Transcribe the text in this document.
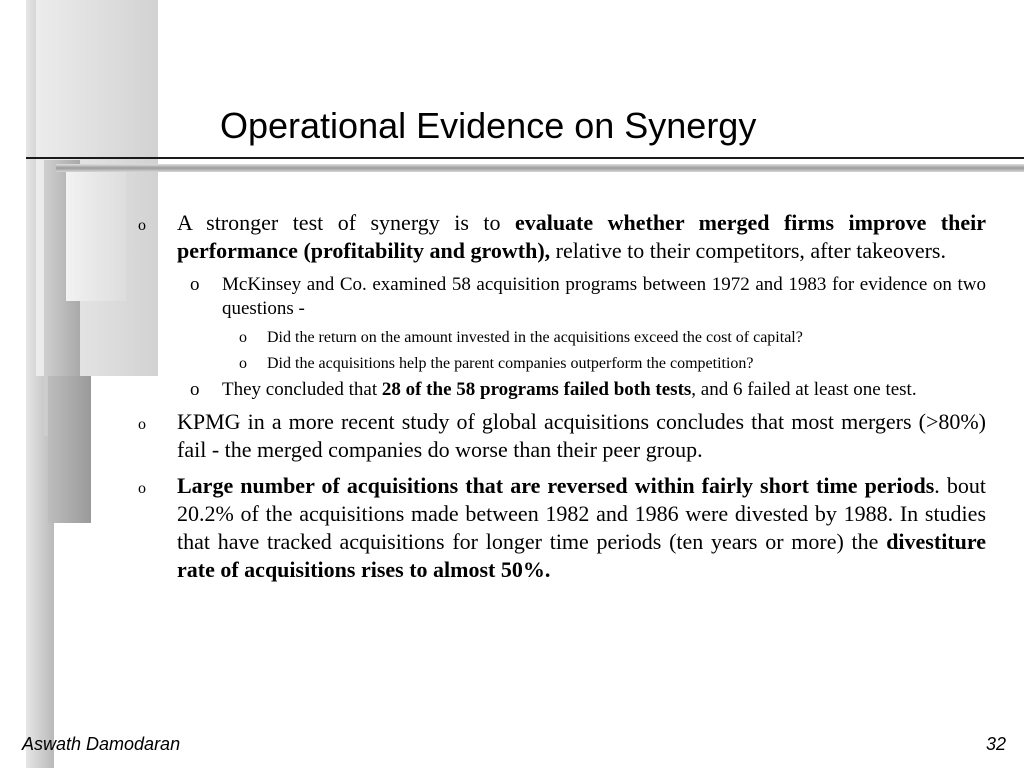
Operational Evidence on Synergy
o A stronger test of synergy is to evaluate whether merged firms improve their performance (profitability and growth), relative to their competitors, after takeovers.
o McKinsey and Co. examined 58 acquisition programs between 1972 and 1983 for evidence on two questions -
o Did the return on the amount invested in the acquisitions exceed the cost of capital?
o Did the acquisitions help the parent companies outperform the competition?
o They concluded that 28 of the 58 programs failed both tests, and 6 failed at least one test.
o KPMG in a more recent study of global acquisitions concludes that most mergers (>80%) fail - the merged companies do worse than their peer group.
o Large number of acquisitions that are reversed within fairly short time periods. bout 20.2% of the acquisitions made between 1982 and 1986 were divested by 1988. In studies that have tracked acquisitions for longer time periods (ten years or more) the divestiture rate of acquisitions rises to almost 50%.
Aswath Damodaran	32
